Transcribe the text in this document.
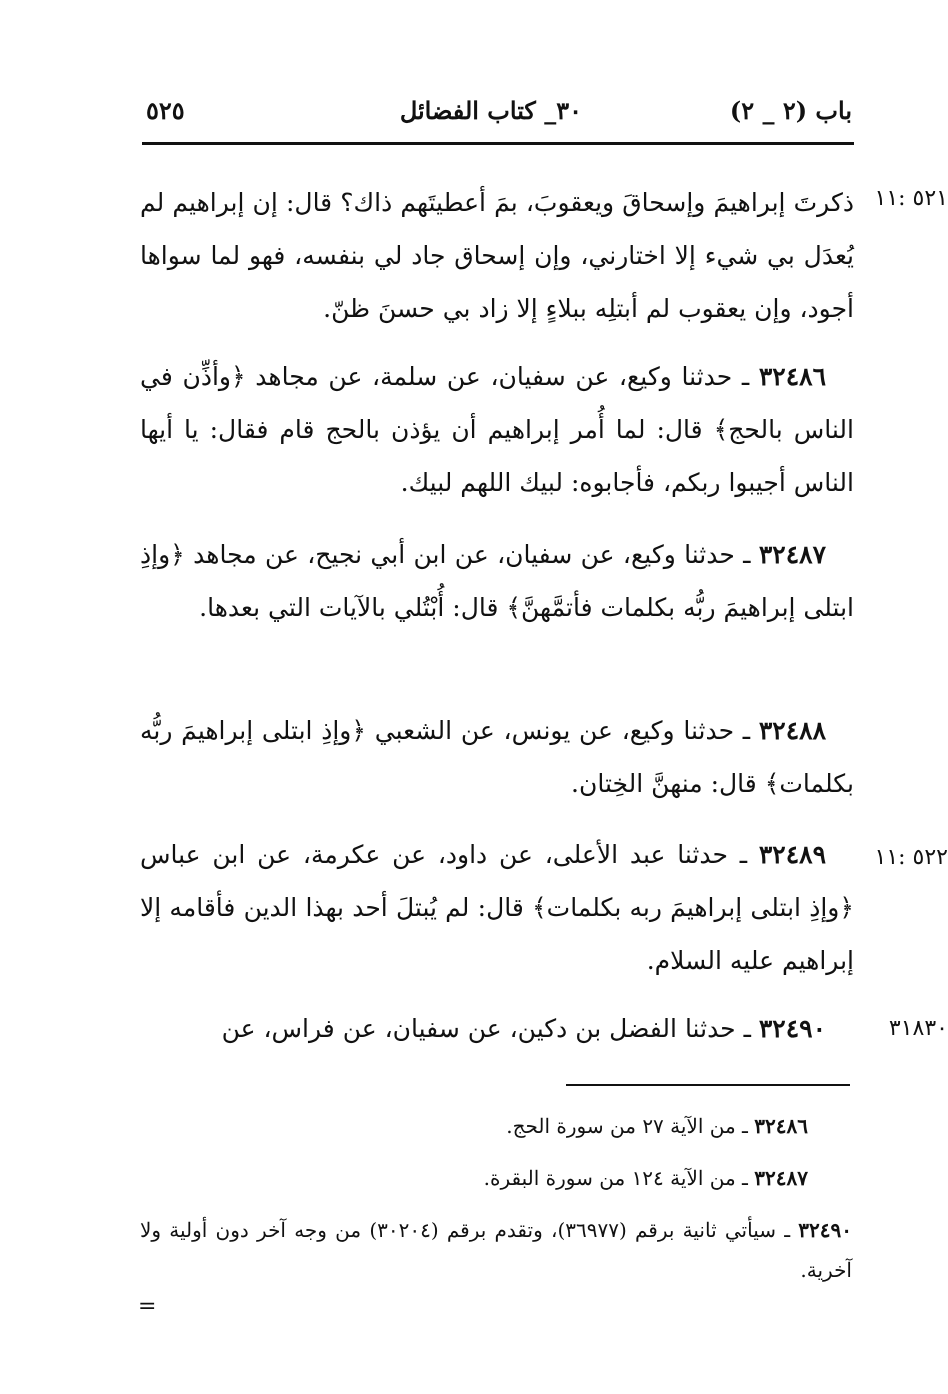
باب (٢ _ ٢)
٣٠_ كتاب الفضائل
٥٢٥
٥٢١ :١١
٥٢٢ :١١
٣١٨٣٠
ذكرتَ إبراهيمَ وإسحاقَ ويعقوبَ، بمَ أعطيتَهم ذاك؟ قال: إن إبراهيم لم يُعدَل بي شيء إلا اختارني، وإن إسحاق جاد لي بنفسه، فهو لما سواها أجود، وإن يعقوب لم أبتلِه ببلاءٍ إلا زاد بي حسنَ ظنّ.
٣٢٤٨٦ ـ حدثنا وكيع، عن سفيان، عن سلمة، عن مجاهد ﴿وأذِّن في الناس بالحج﴾ قال: لما أُمر إبراهيم أن يؤذن بالحج قام فقال: يا أيها الناس أجيبوا ربكم، فأجابوه: لبيك اللهم لبيك.
٣٢٤٨٧ ـ حدثنا وكيع، عن سفيان، عن ابن أبي نجيح، عن مجاهد ﴿وإذِ ابتلى إبراهيمَ ربُّه بكلمات فأتمَّهنَّ﴾ قال: أُبْتُلي بالآيات التي بعدها.
٣٢٤٨٨ ـ حدثنا وكيع، عن يونس، عن الشعبي ﴿وإذِ ابتلى إبراهيمَ ربُّه بكلمات﴾ قال: منهنَّ الخِتان.
٣٢٤٨٩ ـ حدثنا عبد الأعلى، عن داود، عن عكرمة، عن ابن عباس ﴿وإذِ ابتلى إبراهيمَ ربه بكلمات﴾ قال: لم يُبتلَ أحد بهذا الدين فأقامه إلا إبراهيم عليه السلام.
٣٢٤٩٠ ـ حدثنا الفضل بن دكين، عن سفيان، عن فراس، عن
٣٢٤٨٦ ـ من الآية ٢٧ من سورة الحج.
٣٢٤٨٧ ـ من الآية ١٢٤ من سورة البقرة.
٣٢٤٩٠ ـ سيأتي ثانية برقم (٣٦٩٧٧)، وتقدم برقم (٣٠٢٠٤) من وجه آخر دون أولية ولا آخرية.
=
